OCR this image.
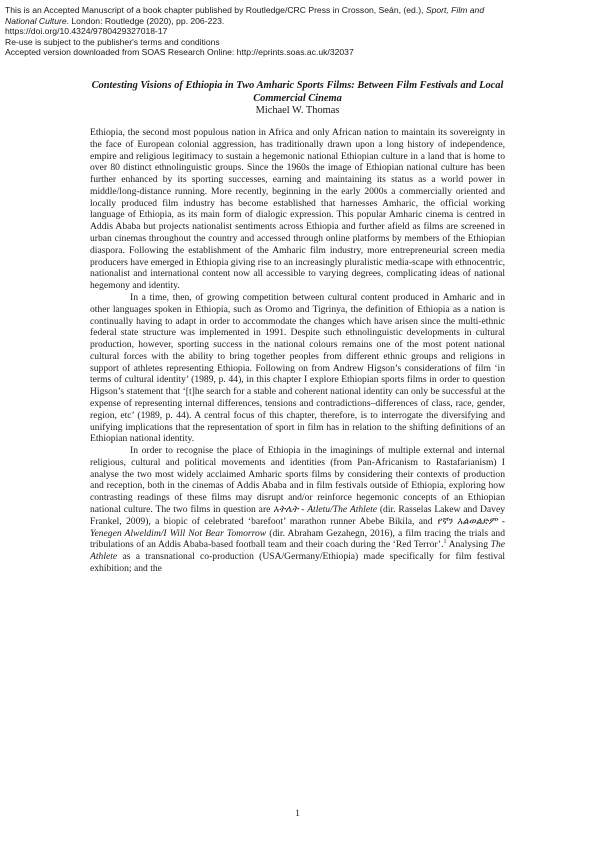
This is an Accepted Manuscript of a book chapter published by Routledge/CRC Press in Crosson, Seán, (ed.), Sport, Film and
National Culture. London: Routledge (2020), pp. 206-223.
https://doi.org/10.4324/9780429327018-17
Re-use is subject to the publisher's terms and conditions
Accepted version downloaded from SOAS Research Online: http://eprints.soas.ac.uk/32037
Contesting Visions of Ethiopia in Two Amharic Sports Films: Between Film Festivals and Local Commercial Cinema
Michael W. Thomas

Ethiopia, the second most populous nation in Africa and only African nation to maintain its sovereignty in the face of European colonial aggression, has traditionally drawn upon a long history of independence, empire and religious legitimacy to sustain a hegemonic national Ethiopian culture in a land that is home to over 80 distinct ethnolinguistic groups. Since the 1960s the image of Ethiopian national culture has been further enhanced by its sporting successes, earning and maintaining its status as a world power in middle/long-distance running. More recently, beginning in the early 2000s a commercially oriented and locally produced film industry has become established that harnesses Amharic, the official working language of Ethiopia, as its main form of dialogic expression. This popular Amharic cinema is centred in Addis Ababa but projects nationalist sentiments across Ethiopia and further afield as films are screened in urban cinemas throughout the country and accessed through online platforms by members of the Ethiopian diaspora. Following the establishment of the Amharic film industry, more entrepreneurial screen media producers have emerged in Ethiopia giving rise to an increasingly pluralistic media-scape with ethnocentric, nationalist and international content now all accessible to varying degrees, complicating ideas of national hegemony and identity.

In a time, then, of growing competition between cultural content produced in Amharic and in other languages spoken in Ethiopia, such as Oromo and Tigrinya, the definition of Ethiopia as a nation is continually having to adapt in order to accommodate the changes which have arisen since the multi-ethnic federal state structure was implemented in 1991. Despite such ethnolinguistic developments in cultural production, however, sporting success in the national colours remains one of the most potent national cultural forces with the ability to bring together peoples from different ethnic groups and religions in support of athletes representing Ethiopia. Following on from Andrew Higson’s considerations of film ‘in terms of cultural identity’ (1989, p. 44), in this chapter I explore Ethiopian sports films in order to question Higson’s statement that ‘[t]he search for a stable and coherent national identity can only be successful at the expense of representing internal differences, tensions and contradictions–differences of class, race, gender, region, etc’ (1989, p. 44). A central focus of this chapter, therefore, is to interrogate the diversifying and unifying implications that the representation of sport in film has in relation to the shifting definitions of an Ethiopian national identity.

In order to recognise the place of Ethiopia in the imaginings of multiple external and internal religious, cultural and political movements and identities (from Pan-Africanism to Rastafarianism) I analyse the two most widely acclaimed Amharic sports films by considering their contexts of production and reception, both in the cinemas of Addis Ababa and in film festivals outside of Ethiopia, exploring how contrasting readings of these films may disrupt and/or reinforce hegemonic concepts of an Ethiopian national culture. The two films in question are አትሌት - Atletu/The Athlete (dir. Rasselas Lakew and Davey Frankel, 2009), a biopic of celebrated ‘barefoot’ marathon runner Abebe Bikila, and የኛን አልወልድም - Yenegen Alweldim/I Will Not Bear Tomorrow (dir. Abraham Gezahegn, 2016), a film tracing the trials and tribulations of an Addis Ababa-based football team and their coach during the ‘Red Terror’.$^1$ Analysing The Athlete as a transnational co-production (USA/Germany/Ethiopia) made specifically for film festival exhibition; and the

1
